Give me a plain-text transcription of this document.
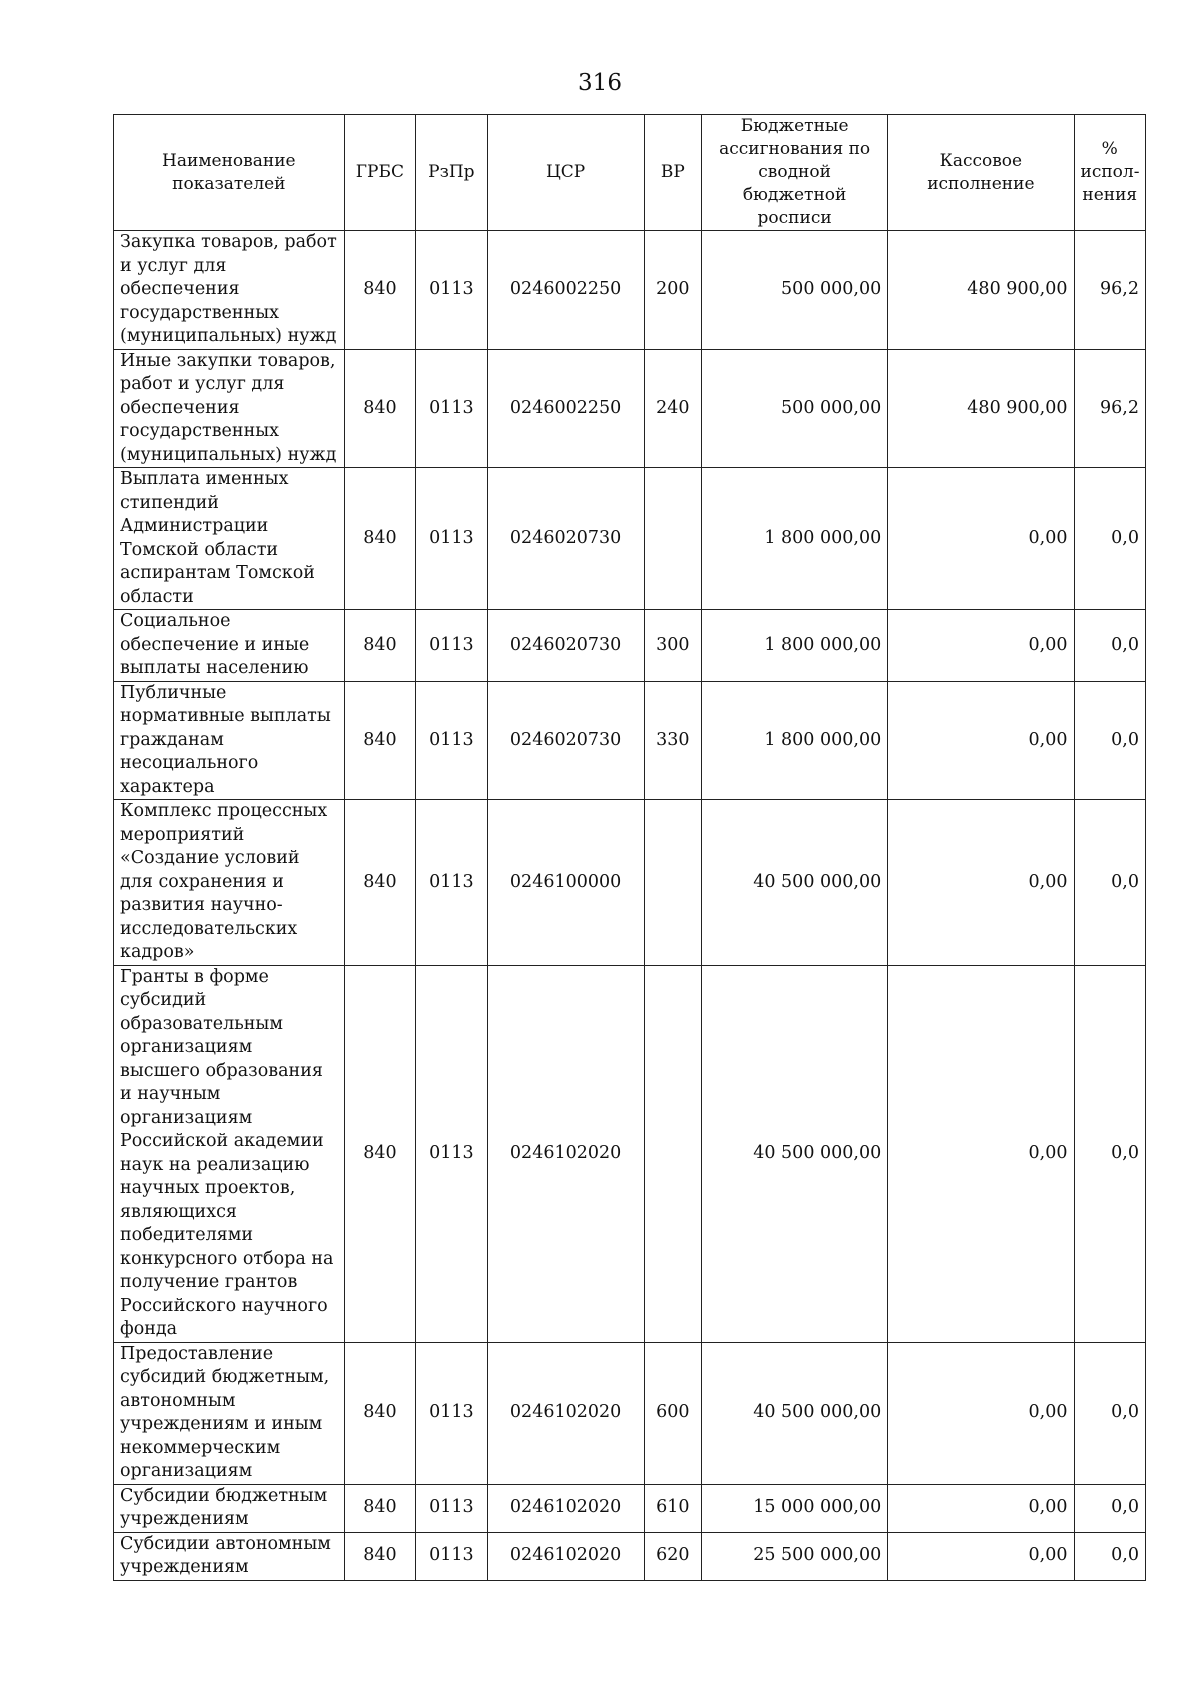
316
Наименование показателей	ГРБС	РзПр	ЦСР	ВР	Бюджетные ассигнования по сводной бюджетной росписи	Кассовое исполнение	% испол-нения
Закупка товаров, работ и услуг для обеспечения государственных (муниципальных) нужд	840	0113	0246002250	200	500 000,00	480 900,00	96,2
Иные закупки товаров, работ и услуг для обеспечения государственных (муниципальных) нужд	840	0113	0246002250	240	500 000,00	480 900,00	96,2
Выплата именных стипендий Администрации Томской области аспирантам Томской области	840	0113	0246020730		1 800 000,00	0,00	0,0
Социальное обеспечение и иные выплаты населению	840	0113	0246020730	300	1 800 000,00	0,00	0,0
Публичные нормативные выплаты гражданам несоциального характера	840	0113	0246020730	330	1 800 000,00	0,00	0,0
Комплекс процессных мероприятий «Создание условий для сохранения и развития научно-исследовательских кадров»	840	0113	0246100000		40 500 000,00	0,00	0,0
Гранты в форме субсидий образовательным организациям высшего образования и научным организациям Российской академии наук на реализацию научных проектов, являющихся победителями конкурсного отбора на получение грантов Российского научного фонда	840	0113	0246102020		40 500 000,00	0,00	0,0
Предоставление субсидий бюджетным, автономным учреждениям и иным некоммерческим организациям	840	0113	0246102020	600	40 500 000,00	0,00	0,0
Субсидии бюджетным учреждениям	840	0113	0246102020	610	15 000 000,00	0,00	0,0
Субсидии автономным учреждениям	840	0113	0246102020	620	25 500 000,00	0,00	0,0
